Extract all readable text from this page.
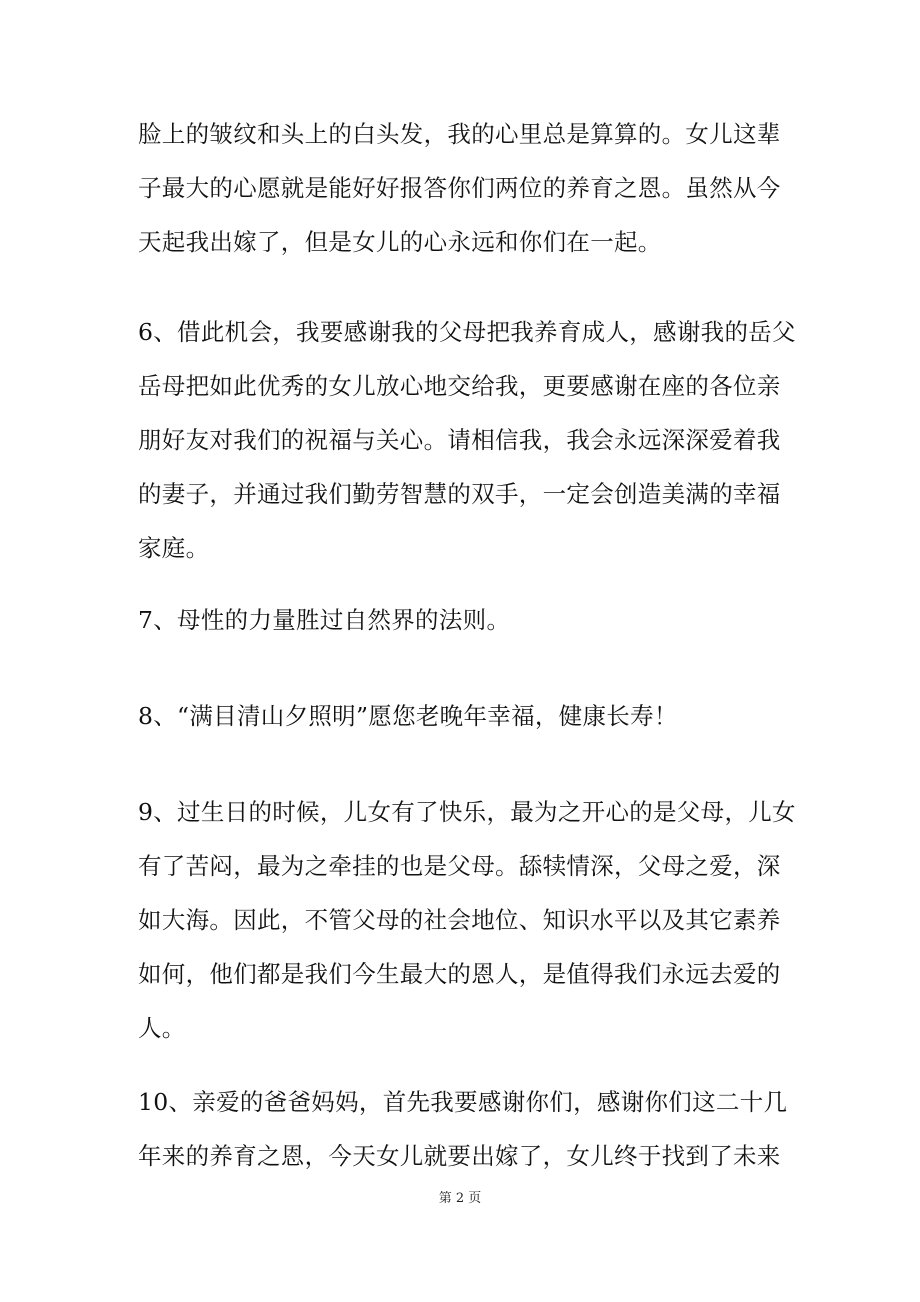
脸上的皱纹和头上的白头发，我的心里总是算算的。女儿这辈
子最大的心愿就是能好好报答你们两位的养育之恩。虽然从今
天起我出嫁了，但是女儿的心永远和你们在一起。
6、借此机会，我要感谢我的父母把我养育成人，感谢我的岳父
岳母把如此优秀的女儿放心地交给我，更要感谢在座的各位亲
朋好友对我们的祝福与关心。请相信我，我会永远深深爱着我
的妻子，并通过我们勤劳智慧的双手，一定会创造美满的幸福
家庭。
7、母性的力量胜过自然界的法则。
8、“满目清山夕照明”愿您老晚年幸福，健康长寿！
9、过生日的时候，儿女有了快乐，最为之开心的是父母，儿女
有了苦闷，最为之牵挂的也是父母。舔犊情深，父母之爱，深
如大海。因此，不管父母的社会地位、知识水平以及其它素养
如何，他们都是我们今生最大的恩人，是值得我们永远去爱的
人。
10、亲爱的爸爸妈妈，首先我要感谢你们，感谢你们这二十几
年来的养育之恩，今天女儿就要出嫁了，女儿终于找到了未来
第 2 页
